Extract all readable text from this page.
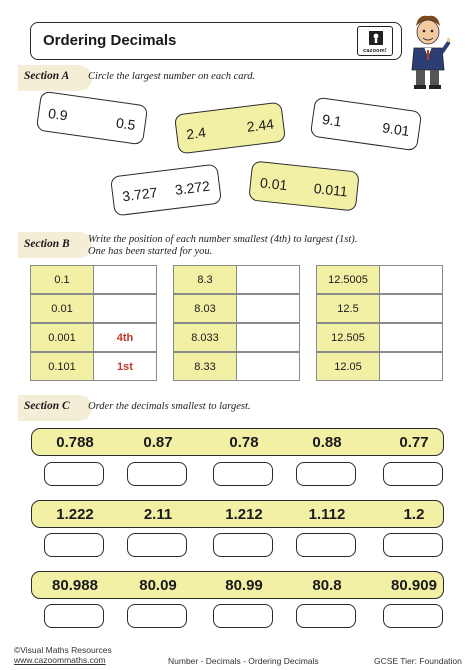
Ordering Decimals
cazoom!
Section A Circle the largest number on each card.
0.9
0.5
2.4	2.44	9.1	9.01
3.727 3.272	0.01 0.011
Section B Write the position of each number smallest (4th) to largest (1st).
One has been started for you.
0.1
0.01
0.001	4th
0.101	1st
8.3
8.03
8.033
8.33
12.5005
12.5
12.505
12.05
Section C Order the decimals smallest to largest.
0.788	0.87	0.78	0.88	0.77
1.222	2.11	1.212	1.112	1.2
80.988	80.09	80.99	80.8	80.909
©Visual Maths Resources
www.cazoommaths.com	Number - Decimals - Ordering Decimals	GCSE Tier: Foundation
